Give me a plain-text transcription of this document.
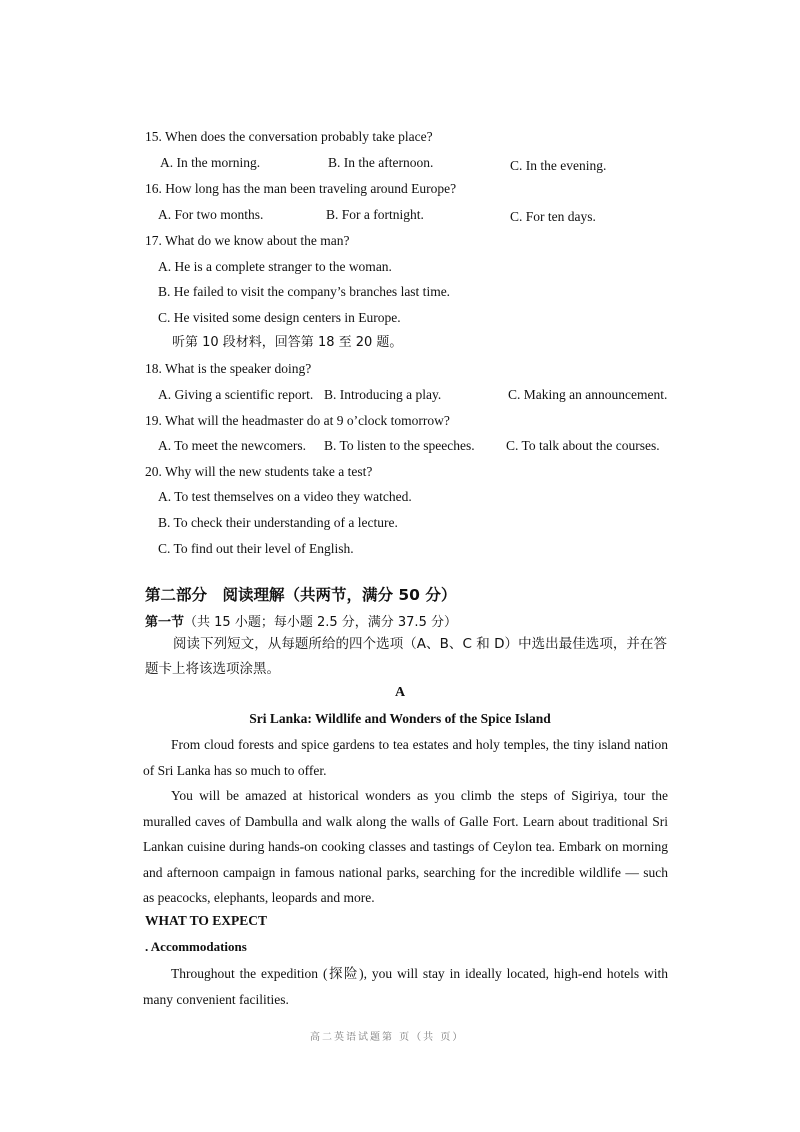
15. When does the conversation probably take place?
A. In the morning.	B. In the afternoon.	C. In the evening.
16. How long has the man been traveling around Europe?
A. For two months.	B. For a fortnight.	C. For ten days.
17. What do we know about the man?
A. He is a complete stranger to the woman.
B. He failed to visit the company’s branches last time.
C. He visited some design centers in Europe.
听第 10 段材料，回答第 18 至 20 题。
18. What is the speaker doing?
A. Giving a scientific report. B. Introducing a play.	C. Making an announcement.
19. What will the headmaster do at 9 o’clock tomorrow?
A. To meet the newcomers. B. To listen to the speeches. C. To talk about the courses.
20. Why will the new students take a test?
A. To test themselves on a video they watched.
B. To check their understanding of a lecture.
C. To find out their level of English.
第二部分　阅读理解（共两节，满分 50 分）
第一节（共 15 小题；每小题 2.5 分，满分 37.5 分）
阅读下列短文，从每题所给的四个选项（A、B、C 和 D）中选出最佳选项，并在答题卡上将该选项涂黑。
A
Sri Lanka: Wildlife and Wonders of the Spice Island
From cloud forests and spice gardens to tea estates and holy temples, the tiny island nation of Sri Lanka has so much to offer.
You will be amazed at historical wonders as you climb the steps of Sigiriya, tour the muralled caves of Dambulla and walk along the walls of Galle Fort. Learn about traditional Sri Lankan cuisine during hands-on cooking classes and tastings of Ceylon tea. Embark on morning and afternoon campaign in famous national parks, searching for the incredible wildlife — such as peacocks, elephants, leopards and more.
WHAT TO EXPECT
. Accommodations
Throughout the expedition (探险), you will stay in ideally located, high-end hotels with many convenient facilities.
高二英语试题第 页（共 页）
